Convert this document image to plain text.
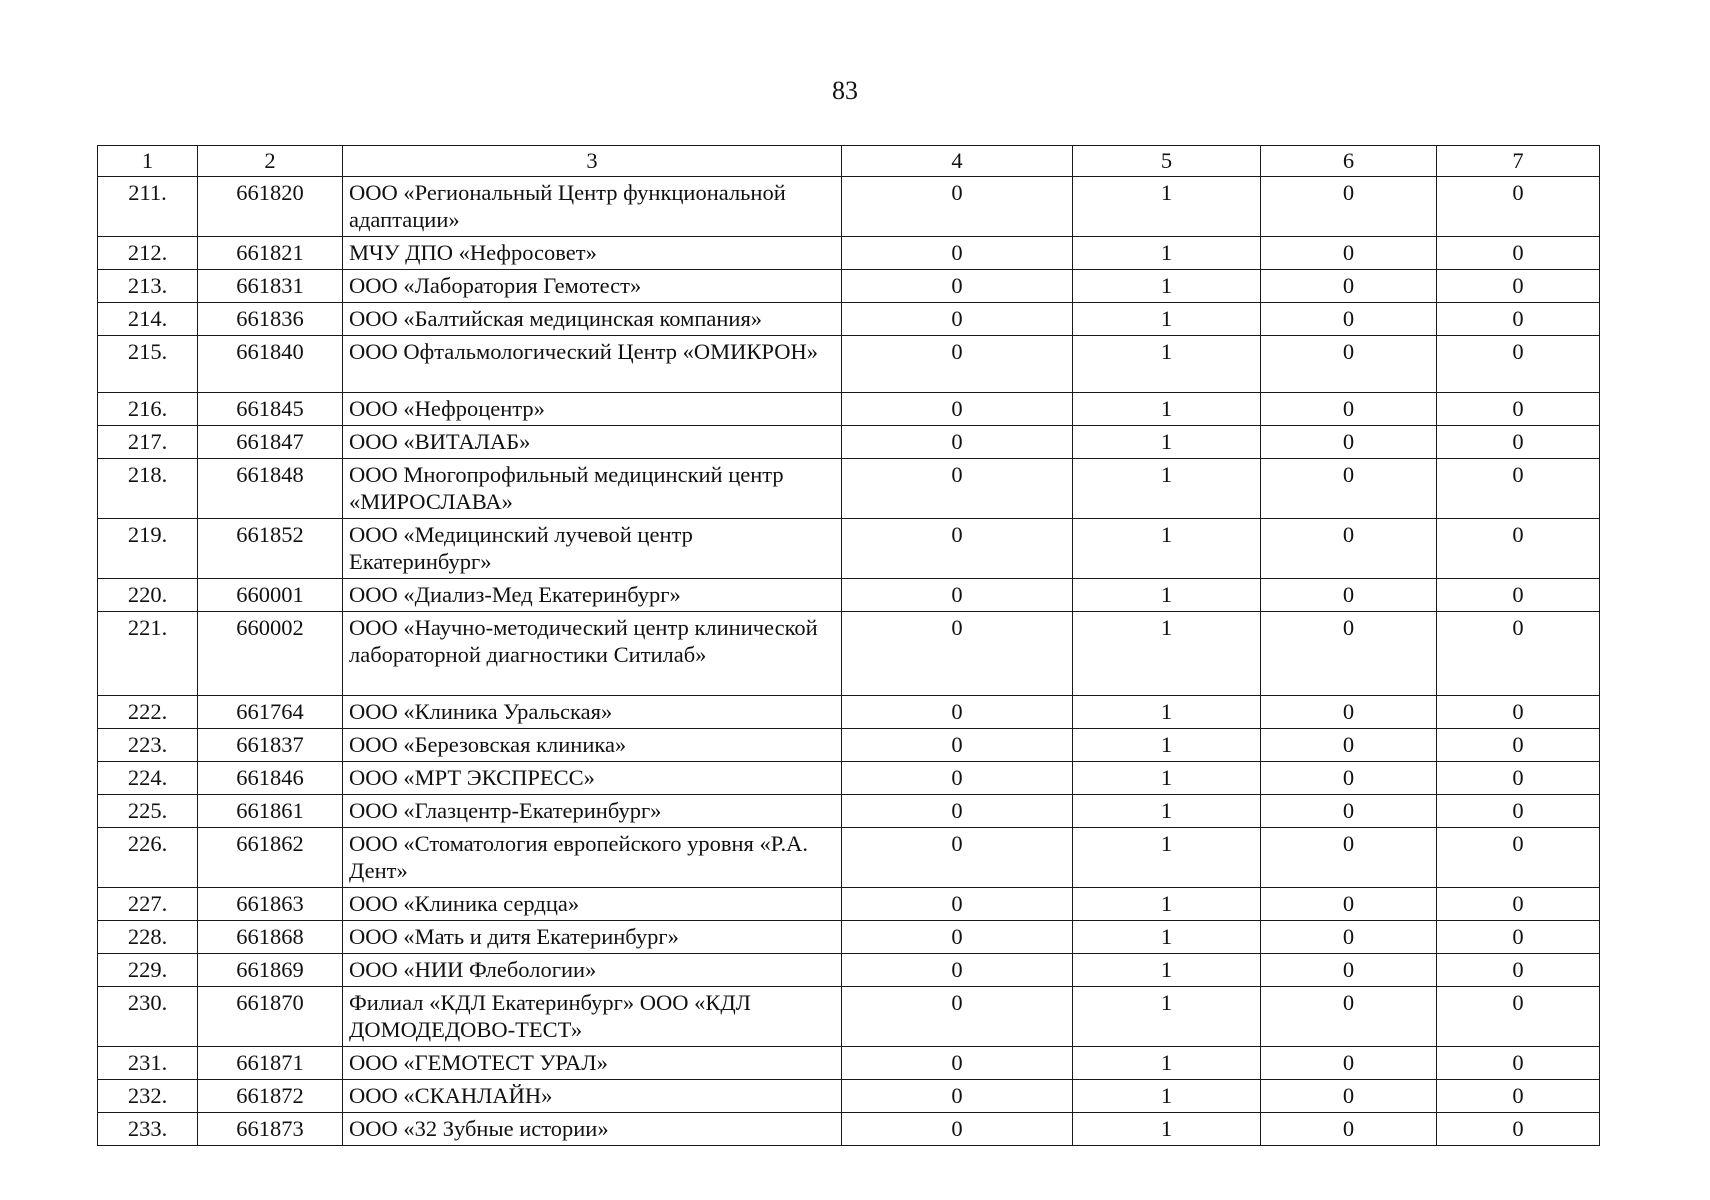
83
1	2	3	4	5	6	7
211.	661820	ООО «Региональный Центр функциональной адаптации»	0	1	0	0
212.	661821	МЧУ ДПО «Нефросовет»	0	1	0	0
213.	661831	ООО «Лаборатория Гемотест»	0	1	0	0
214.	661836	ООО «Балтийская медицинская компания»	0	1	0	0
215.	661840	ООО Офтальмологический Центр «ОМИКРОН»	0	1	0	0
216.	661845	ООО «Нефроцентр»	0	1	0	0
217.	661847	ООО «ВИТАЛАБ»	0	1	0	0
218.	661848	ООО Многопрофильный медицинский центр «МИРОСЛАВА»	0	1	0	0
219.	661852	ООО «Медицинский лучевой центр Екатеринбург»	0	1	0	0
220.	660001	ООО «Диализ-Мед Екатеринбург»	0	1	0	0
221.	660002	ООО «Научно-методический центр клинической лабораторной диагностики Ситилаб»	0	1	0	0
222.	661764	ООО «Клиника Уральская»	0	1	0	0
223.	661837	ООО «Березовская клиника»	0	1	0	0
224.	661846	ООО «МРТ ЭКСПРЕСС»	0	1	0	0
225.	661861	ООО «Глазцентр-Екатеринбург»	0	1	0	0
226.	661862	ООО «Стоматология европейского уровня «Р.А. Дент»	0	1	0	0
227.	661863	ООО «Клиника сердца»	0	1	0	0
228.	661868	ООО «Мать и дитя Екатеринбург»	0	1	0	0
229.	661869	ООО «НИИ Флебологии»	0	1	0	0
230.	661870	Филиал «КДЛ Екатеринбург» ООО «КДЛ ДОМОДЕДОВО-ТЕСТ»	0	1	0	0
231.	661871	ООО «ГЕМОТЕСТ УРАЛ»	0	1	0	0
232.	661872	ООО «СКАНЛАЙН»	0	1	0	0
233.	661873	ООО «32 Зубные истории»	0	1	0	0
